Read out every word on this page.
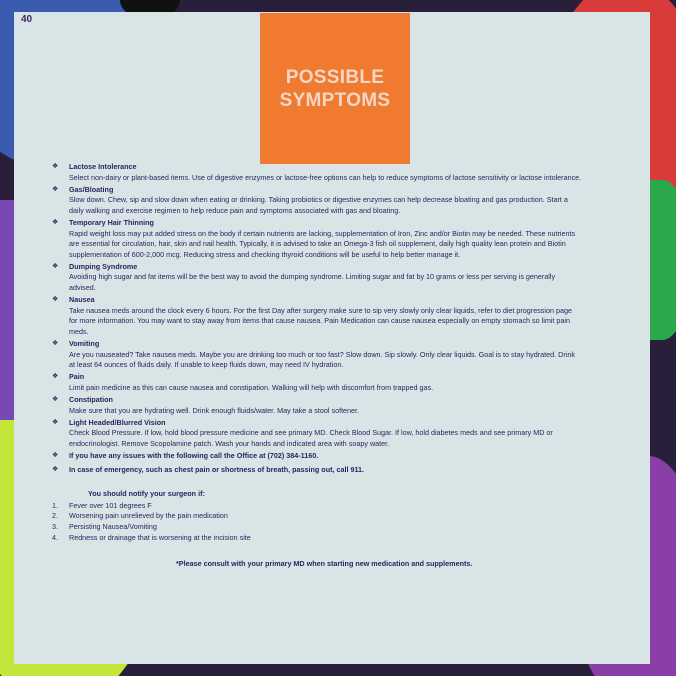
POSSIBLE
SYMPTOMS
40
❖ Lactose Intolerance
Select non-dairy or plant-based items. Use of digestive enzymes or lactose-free options can help to reduce symptoms of lactose sensitivity or lactose intolerance.
❖ Gas/Bloating
Slow down. Chew, sip and slow down when eating or drinking. Taking probiotics or digestive enzymes can help decrease bloating and gas production. Start a daily walking and exercise regimen to help reduce pain and symptoms associated with gas and bloating.
❖ Temporary Hair Thinning
Rapid weight loss may put added stress on the body if certain nutrients are lacking, supplementation of Iron, Zinc and/or Biotin may be needed. These nutrients are essential for circulation, hair, skin and nail health. Typically, it is advised to take an Omega-3 fish oil supplement, daily high quality lean protein and Biotin supplementation of 600-2,000 mcg. Reducing stress and checking thyroid conditions will be useful to help better manage it.
❖ Dumping Syndrome
Avoiding high sugar and fat items will be the best way to avoid the dumping syndrome. Limiting sugar and fat by 10 grams or less per serving is generally advised.
❖ Nausea
Take nausea meds around the clock every 6 hours. For the first Day after surgery make sure to sip very slowly only clear liquids, refer to diet progression page for more information. You may want to stay away from items that cause nausea. Pain Medication can cause nausea especially on empty stomach so limit pain meds.
❖ Vomiting
Are you nauseated? Take nausea meds. Maybe you are drinking too much or too fast? Slow down. Sip slowly. Only clear liquids. Goal is to stay hydrated. Drink at least 64 ounces of fluids daily. If unable to keep fluids down, may need IV hydration.
❖ Pain
Limit pain medicine as this can cause nausea and constipation. Walking will help with discomfort from trapped gas.
❖ Constipation
Make sure that you are hydrating well. Drink enough fluids/water. May take a stool softener.
❖ Light Headed/Blurred Vision
Check Blood Pressure. If low, hold blood pressure medicine and see primary MD. Check Blood Sugar. If low, hold diabetes meds and see primary MD or endocrinologist. Remove Scopolamine patch. Wash your hands and indicated area with soapy water.
❖ If you have any issues with the following call the Office at (702) 384-1160.
❖ In case of emergency, such as chest pain or shortness of breath, passing out, call 911.
You should notify your surgeon if:
1. Fever over 101 degrees F
2. Worsening pain unrelieved by the pain medication
3. Persisting Nausea/Vomiting
4. Redness or drainage that is worsening at the incision site
*Please consult with your primary MD when starting new medication and supplements.
